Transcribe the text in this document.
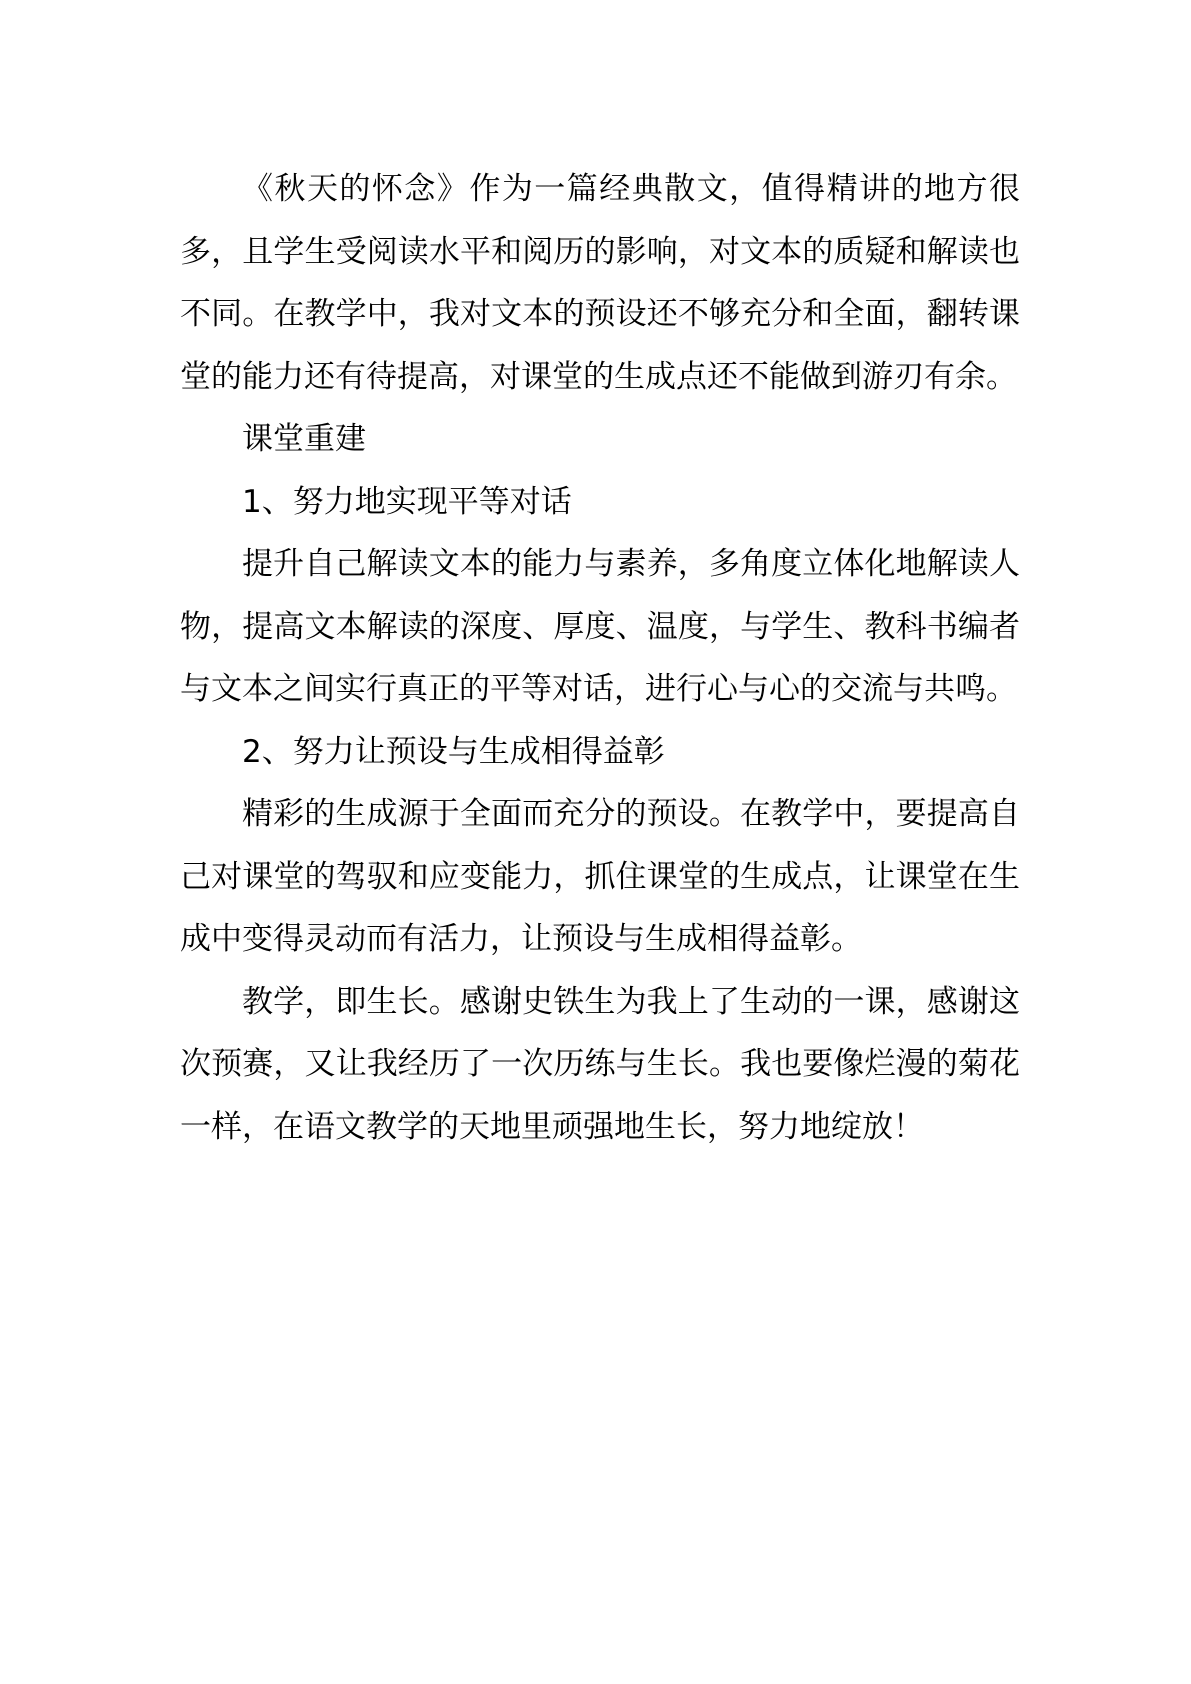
《秋天的怀念》作为一篇经典散文，值得精讲的地方很多，且学生受阅读水平和阅历的影响，对文本的质疑和解读也不同。在教学中，我对文本的预设还不够充分和全面，翻转课堂的能力还有待提高，对课堂的生成点还不能做到游刃有余。

课堂重建

1、努力地实现平等对话

提升自己解读文本的能力与素养，多角度立体化地解读人物，提高文本解读的深度、厚度、温度，与学生、教科书编者与文本之间实行真正的平等对话，进行心与心的交流与共鸣。

2、努力让预设与生成相得益彰

精彩的生成源于全面而充分的预设。在教学中，要提高自己对课堂的驾驭和应变能力，抓住课堂的生成点，让课堂在生成中变得灵动而有活力，让预设与生成相得益彰。

教学，即生长。感谢史铁生为我上了生动的一课，感谢这次预赛，又让我经历了一次历练与生长。我也要像烂漫的菊花一样，在语文教学的天地里顽强地生长，努力地绽放！
